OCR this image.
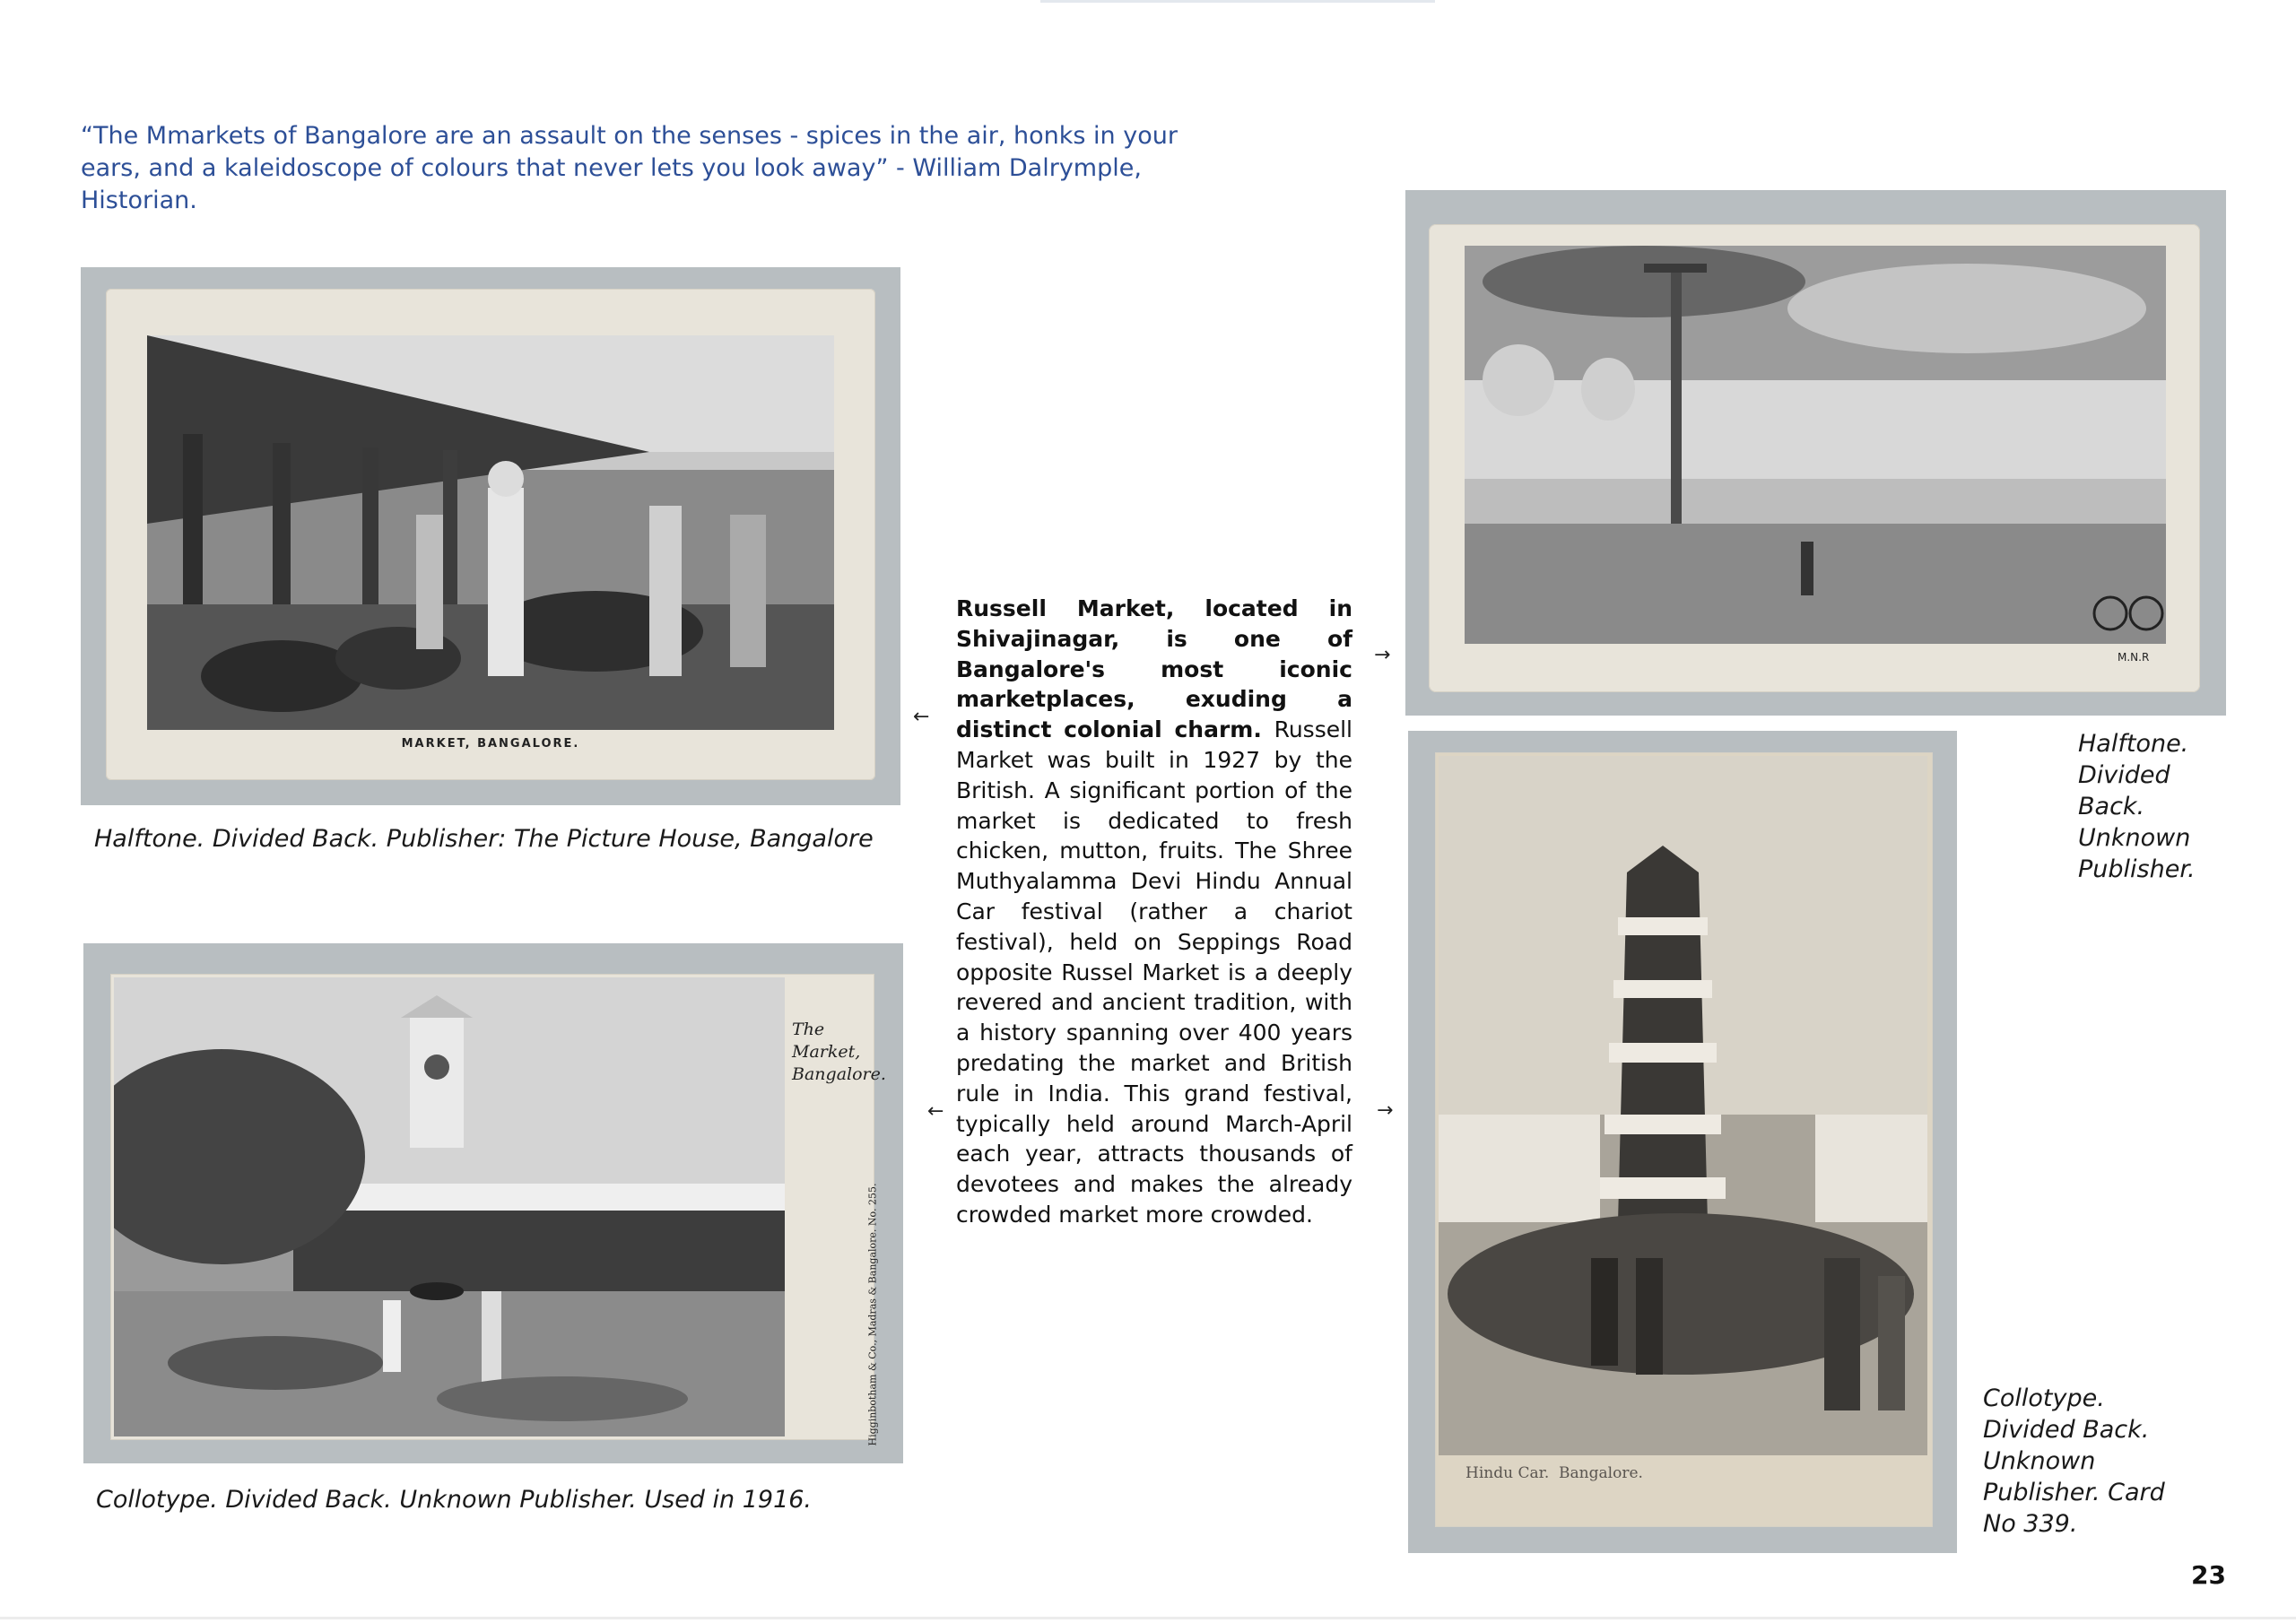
“The Mmarkets of Bangalore are an assault on the senses - spices in the air, honks in your ears, and a kaleidoscope of colours that never lets you look away” - William Dalrymple, Historian.
MARKET, BANGALORE.
Halftone. Divided Back. Publisher: The Picture House, Bangalore
The Market, Bangalore.
Higginbotham & Co., Madras & Bangalore. No. 255.
Collotype. Divided Back. Unknown Publisher. Used in 1916.
Russell Market, located in Shivajinagar, is one of Bangalore's most iconic marketplaces, exuding a distinct colonial charm. Russell Market was built in 1927 by the British. A significant portion of the market is dedicated to fresh chicken, mutton, fruits. The Shree Muthyalamma Devi Hindu Annual Car festival (rather a chariot festival), held on Seppings Road opposite Russel Market is a deeply revered and ancient tradition, with a history spanning over 400 years predating the market and British rule in India. This grand festival, typically held around March-April each year, attracts thousands of devotees and makes the already crowded market more crowded.
←
→
←	→
M.N.R
Halftone. Divided Back. Unknown Publisher.
Hindu Car.  Bangalore.
Collotype. Divided Back. Unknown Publisher. Card No 339.
23
